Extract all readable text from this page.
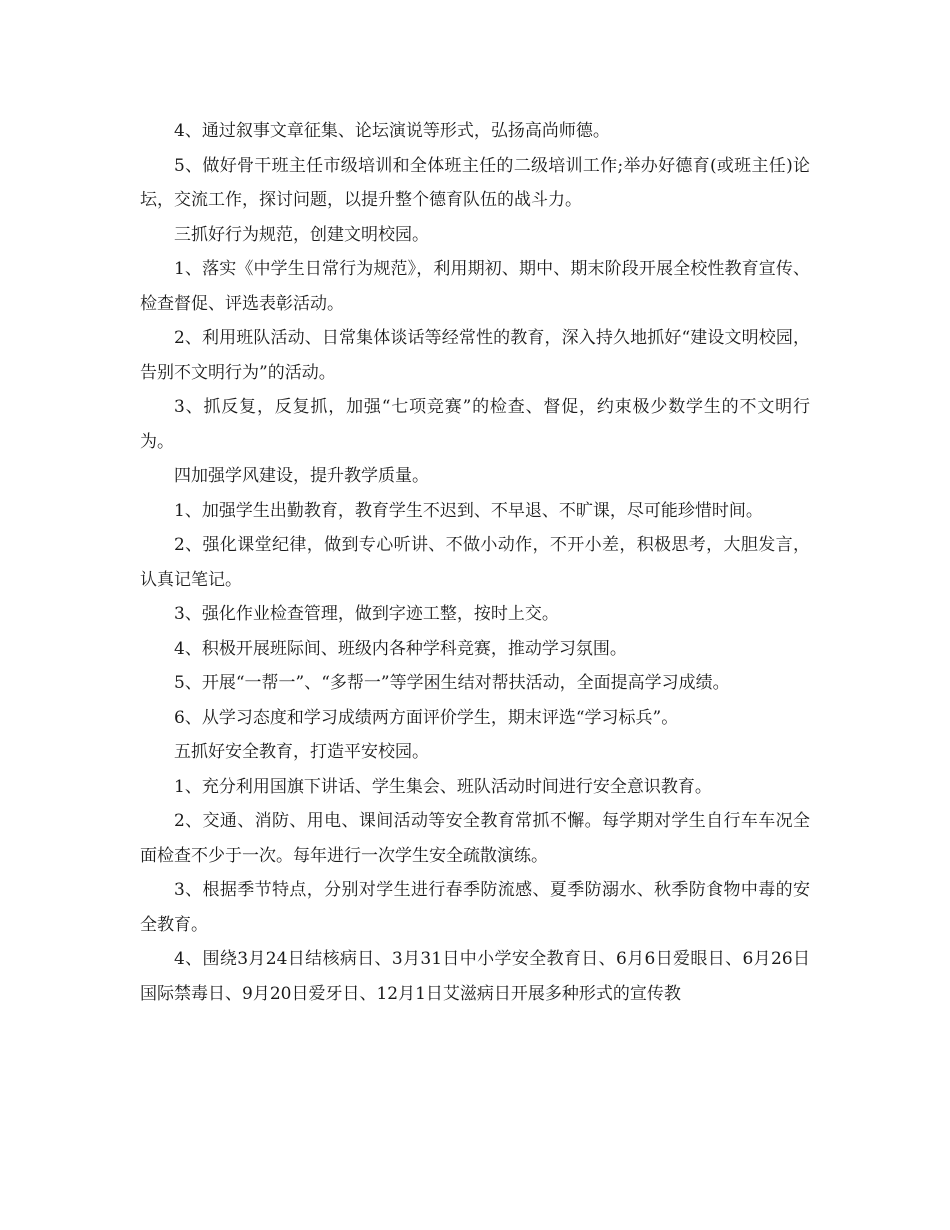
4、通过叙事文章征集、论坛演说等形式，弘扬高尚师德。

5、做好骨干班主任市级培训和全体班主任的二级培训工作;举办好德育(或班主任)论坛，交流工作，探讨问题，以提升整个德育队伍的战斗力。

三抓好行为规范，创建文明校园。

1、落实《中学生日常行为规范》，利用期初、期中、期末阶段开展全校性教育宣传、检查督促、评选表彰活动。

2、利用班队活动、日常集体谈话等经常性的教育，深入持久地抓好“建设文明校园，告别不文明行为”的活动。

3、抓反复，反复抓，加强“七项竞赛”的检查、督促，约束极少数学生的不文明行为。

四加强学风建设，提升教学质量。

1、加强学生出勤教育，教育学生不迟到、不早退、不旷课，尽可能珍惜时间。

2、强化课堂纪律，做到专心听讲、不做小动作，不开小差，积极思考，大胆发言，认真记笔记。

3、强化作业检查管理，做到字迹工整，按时上交。

4、积极开展班际间、班级内各种学科竞赛，推动学习氛围。

5、开展“一帮一”、“多帮一”等学困生结对帮扶活动，全面提高学习成绩。

6、从学习态度和学习成绩两方面评价学生，期末评选“学习标兵”。

五抓好安全教育，打造平安校园。

1、充分利用国旗下讲话、学生集会、班队活动时间进行安全意识教育。

2、交通、消防、用电、课间活动等安全教育常抓不懈。每学期对学生自行车车况全面检查不少于一次。每年进行一次学生安全疏散演练。

3、根据季节特点，分别对学生进行春季防流感、夏季防溺水、秋季防食物中毒的安全教育。

4、围绕3月24日结核病日、3月31日中小学安全教育日、6月6日爱眼日、6月26日国际禁毒日、9月20日爱牙日、12月1日艾滋病日开展多种形式的宣传教
